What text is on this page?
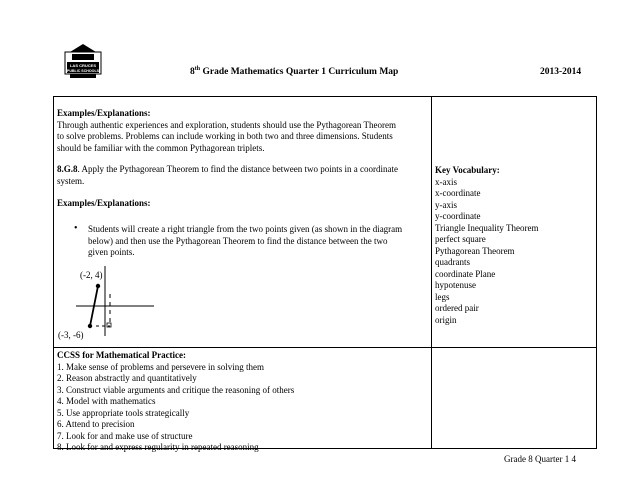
LAS CRUCES
PUBLIC SCHOOLS	8th Grade Mathematics Quarter 1 Curriculum Map	2013-2014

Examples/Explanations:

Through authentic experiences and exploration, students should use the Pythagorean Theorem

to solve problems. Problems can include working in both two and three dimensions. Students

should be familiar with the common Pythagorean triplets.

8.G.8. Apply the Pythagorean Theorem to find the distance between two points in a coordinate

system.

Examples/Explanations:

• Students will create a right triangle from the two points given (as shown in the diagram
below) and then use the Pythagorean Theorem to find the distance between the two
given points.
(-2, 4)
(-3, -6)
Key Vocabulary:
x-axis
x-coordinate
y-axis
y-coordinate
Triangle Inequality Theorem
perfect square
Pythagorean Theorem
quadrants
coordinate Plane
hypotenuse
legs
ordered pair
origin
CCSS for Mathematical Practice:
1. Make sense of problems and persevere in solving them
2. Reason abstractly and quantitatively
3. Construct viable arguments and critique the reasoning of others
4. Model with mathematics
5. Use appropriate tools strategically
6. Attend to precision
7. Look for and make use of structure
8. Look for and express regularity in repeated reasoning
Grade 8 Quarter 1 4
